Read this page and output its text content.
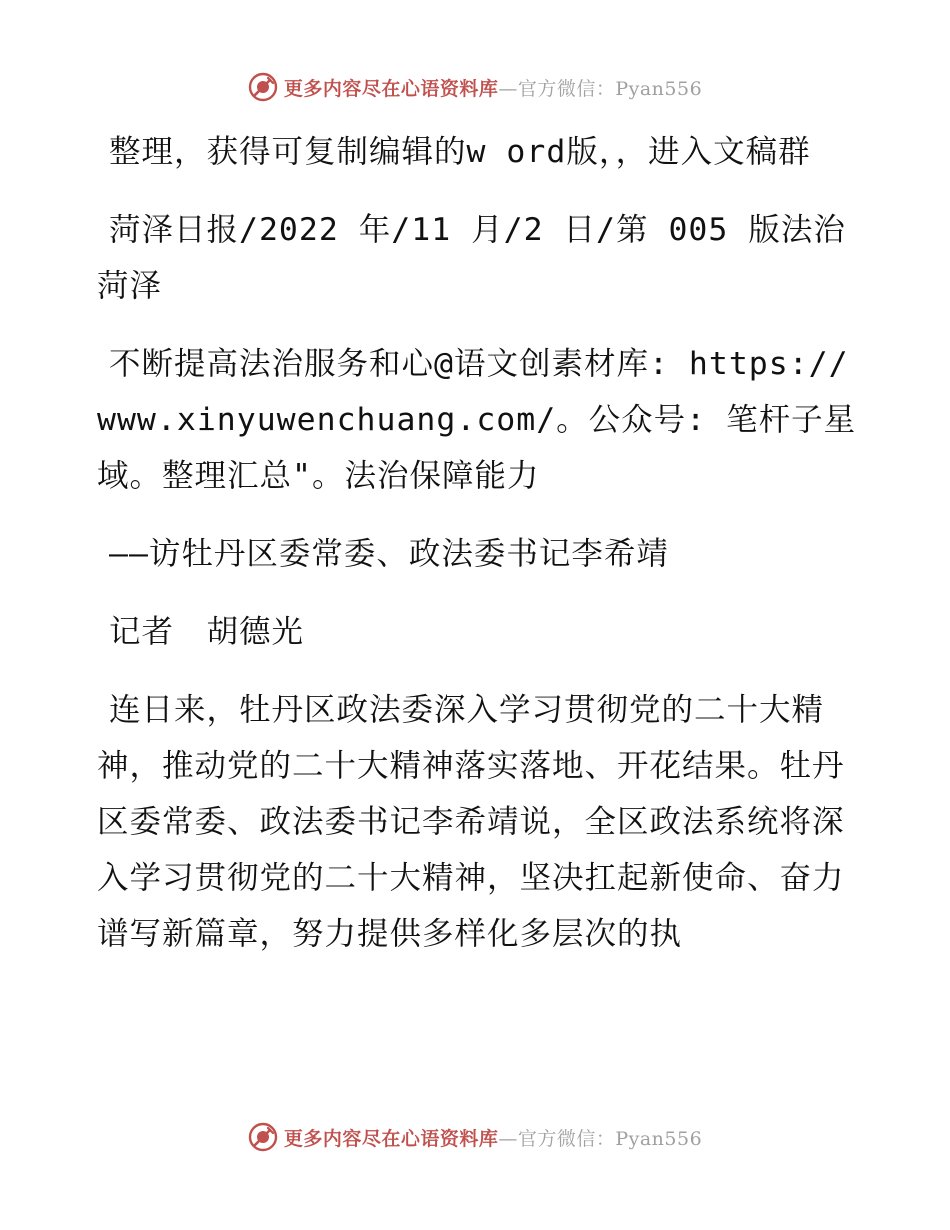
更多内容尽在心语资料库—官方微信：Pyan556

整理，获得可复制编辑的w ord版，，进入文稿群

菏泽日报/2022 年/11 月/2 日/第 005 版法治菏泽

不断提高法治服务和心@语文创素材库: https://www.xinyuwenchuang.com/。公众号: 笔杆子星域。整理汇总"。法治保障能力

——访牡丹区委常委、政法委书记李希靖

记者　胡德光

连日来，牡丹区政法委深入学习贯彻党的二十大精神，推动党的二十大精神落实落地、开花结果。牡丹区委常委、政法委书记李希靖说，全区政法系统将深入学习贯彻党的二十大精神，坚决扛起新使命、奋力谱写新篇章，努力提供多样化多层次的执

更多内容尽在心语资料库—官方微信：Pyan556
